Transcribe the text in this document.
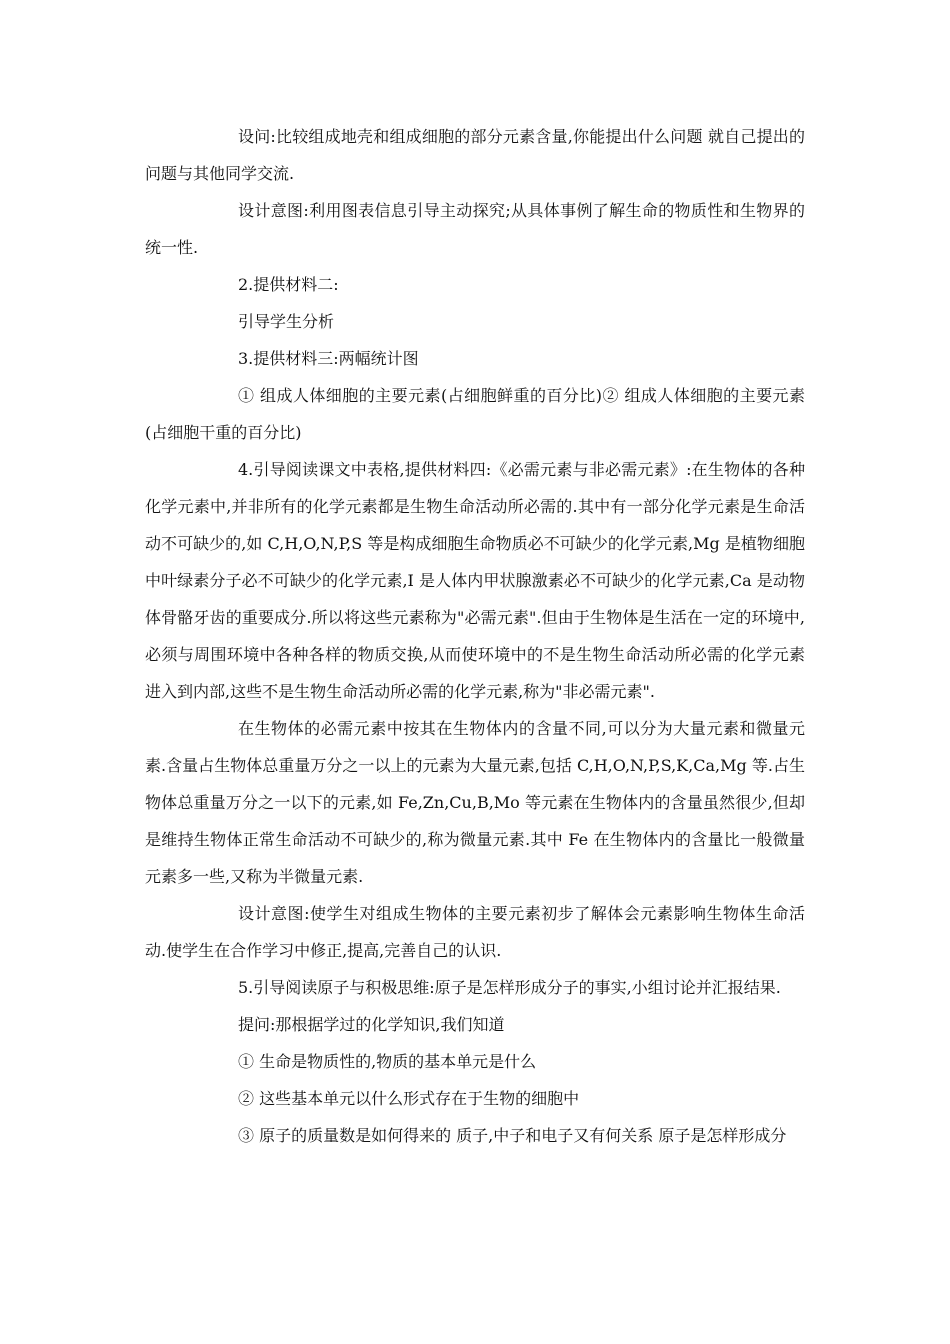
设问:比较组成地壳和组成细胞的部分元素含量,你能提出什么问题 就自己提出的问题与其他同学交流.

设计意图:利用图表信息引导主动探究;从具体事例了解生命的物质性和生物界的统一性.

2.提供材料二:

引导学生分析

3.提供材料三:两幅统计图

① 组成人体细胞的主要元素(占细胞鲜重的百分比)② 组成人体细胞的主要元素(占细胞干重的百分比)

4.引导阅读课文中表格,提供材料四:《必需元素与非必需元素》:在生物体的各种化学元素中,并非所有的化学元素都是生物生命活动所必需的.其中有一部分化学元素是生命活动不可缺少的,如 C,H,O,N,P,S 等是构成细胞生命物质必不可缺少的化学元素,Mg 是植物细胞中叶绿素分子必不可缺少的化学元素,I 是人体内甲状腺激素必不可缺少的化学元素,Ca 是动物体骨骼牙齿的重要成分.所以将这些元素称为"必需元素".但由于生物体是生活在一定的环境中,必须与周围环境中各种各样的物质交换,从而使环境中的不是生物生命活动所必需的化学元素进入到内部,这些不是生物生命活动所必需的化学元素,称为"非必需元素".

在生物体的必需元素中按其在生物体内的含量不同,可以分为大量元素和微量元素.含量占生物体总重量万分之一以上的元素为大量元素,包括 C,H,O,N,P,S,K,Ca,Mg 等.占生物体总重量万分之一以下的元素,如 Fe,Zn,Cu,B,Mo 等元素在生物体内的含量虽然很少,但却是维持生物体正常生命活动不可缺少的,称为微量元素.其中 Fe 在生物体内的含量比一般微量元素多一些,又称为半微量元素.

设计意图:使学生对组成生物体的主要元素初步了解体会元素影响生物体生命活动.使学生在合作学习中修正,提高,完善自己的认识.

5.引导阅读原子与积极思维:原子是怎样形成分子的事实,小组讨论并汇报结果.

提问:那根据学过的化学知识,我们知道

① 生命是物质性的,物质的基本单元是什么

② 这些基本单元以什么形式存在于生物的细胞中

③ 原子的质量数是如何得来的 质子,中子和电子又有何关系 原子是怎样形成分
